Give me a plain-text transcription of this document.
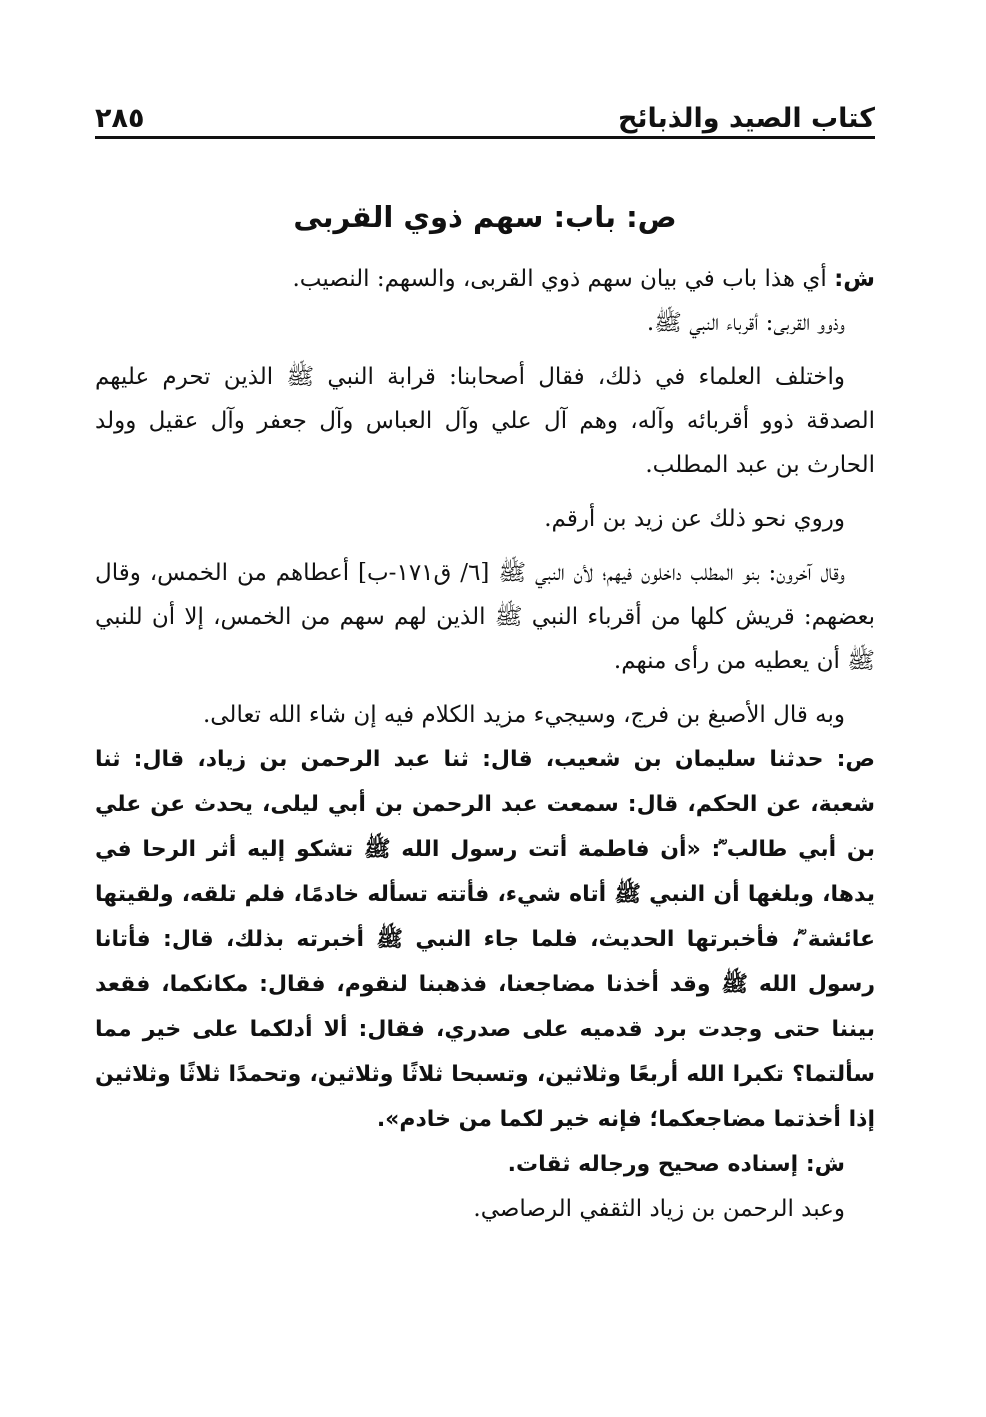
كتاب الصيد والذبائح
٢٨٥
ص: باب: سهم ذوي القربى

ش: أي هذا باب في بيان سهم ذوي القربى، والسهم: النصيب.

وذوو القربى: أقرباء النبي ﷺ.

واختلف العلماء في ذلك، فقال أصحابنا: قرابة النبي ﷺ الذين تحرم عليهم الصدقة ذوو أقربائه وآله، وهم آل علي وآل العباس وآل جعفر وآل عقيل وولد الحارث بن عبد المطلب.

وروي نحو ذلك عن زيد بن أرقم.

وقال آخرون: بنو المطلب داخلون فيهم؛ لأن النبي ﷺ [٦/ ق١٧١-ب] أعطاهم من الخمس، وقال بعضهم: قريش كلها من أقرباء النبي ﷺ الذين لهم سهم من الخمس، إلا أن للنبي ﷺ أن يعطيه من رأى منهم.

وبه قال الأصبغ بن فرج، وسيجيء مزيد الكلام فيه إن شاء الله تعالى.

ص: حدثنا سليمان بن شعيب، قال: ثنا عبد الرحمن بن زياد، قال: ثنا شعبة، عن الحكم، قال: سمعت عبد الرحمن بن أبي ليلى، يحدث عن علي بن أبي طالب ؓ: «أن فاطمة أتت رسول الله ﷺ تشكو إليه أثر الرحا في يدها، وبلغها أن النبي ﷺ أتاه شيء، فأتته تسأله خادمًا، فلم تلقه، ولقيتها عائشة ؓ، فأخبرتها الحديث، فلما جاء النبي ﷺ أخبرته بذلك، قال: فأتانا رسول الله ﷺ وقد أخذنا مضاجعنا، فذهبنا لنقوم، فقال: مكانكما، فقعد بيننا حتى وجدت برد قدميه على صدري، فقال: ألا أدلكما على خير مما سألتما؟ تكبرا الله أربعًا وثلاثين، وتسبحا ثلاثًا وثلاثين، وتحمدًا ثلاثًا وثلاثين إذا أخذتما مضاجعكما؛ فإنه خير لكما من خادم».

ش: إسناده صحيح ورجاله ثقات.

وعبد الرحمن بن زياد الثقفي الرصاصي.
